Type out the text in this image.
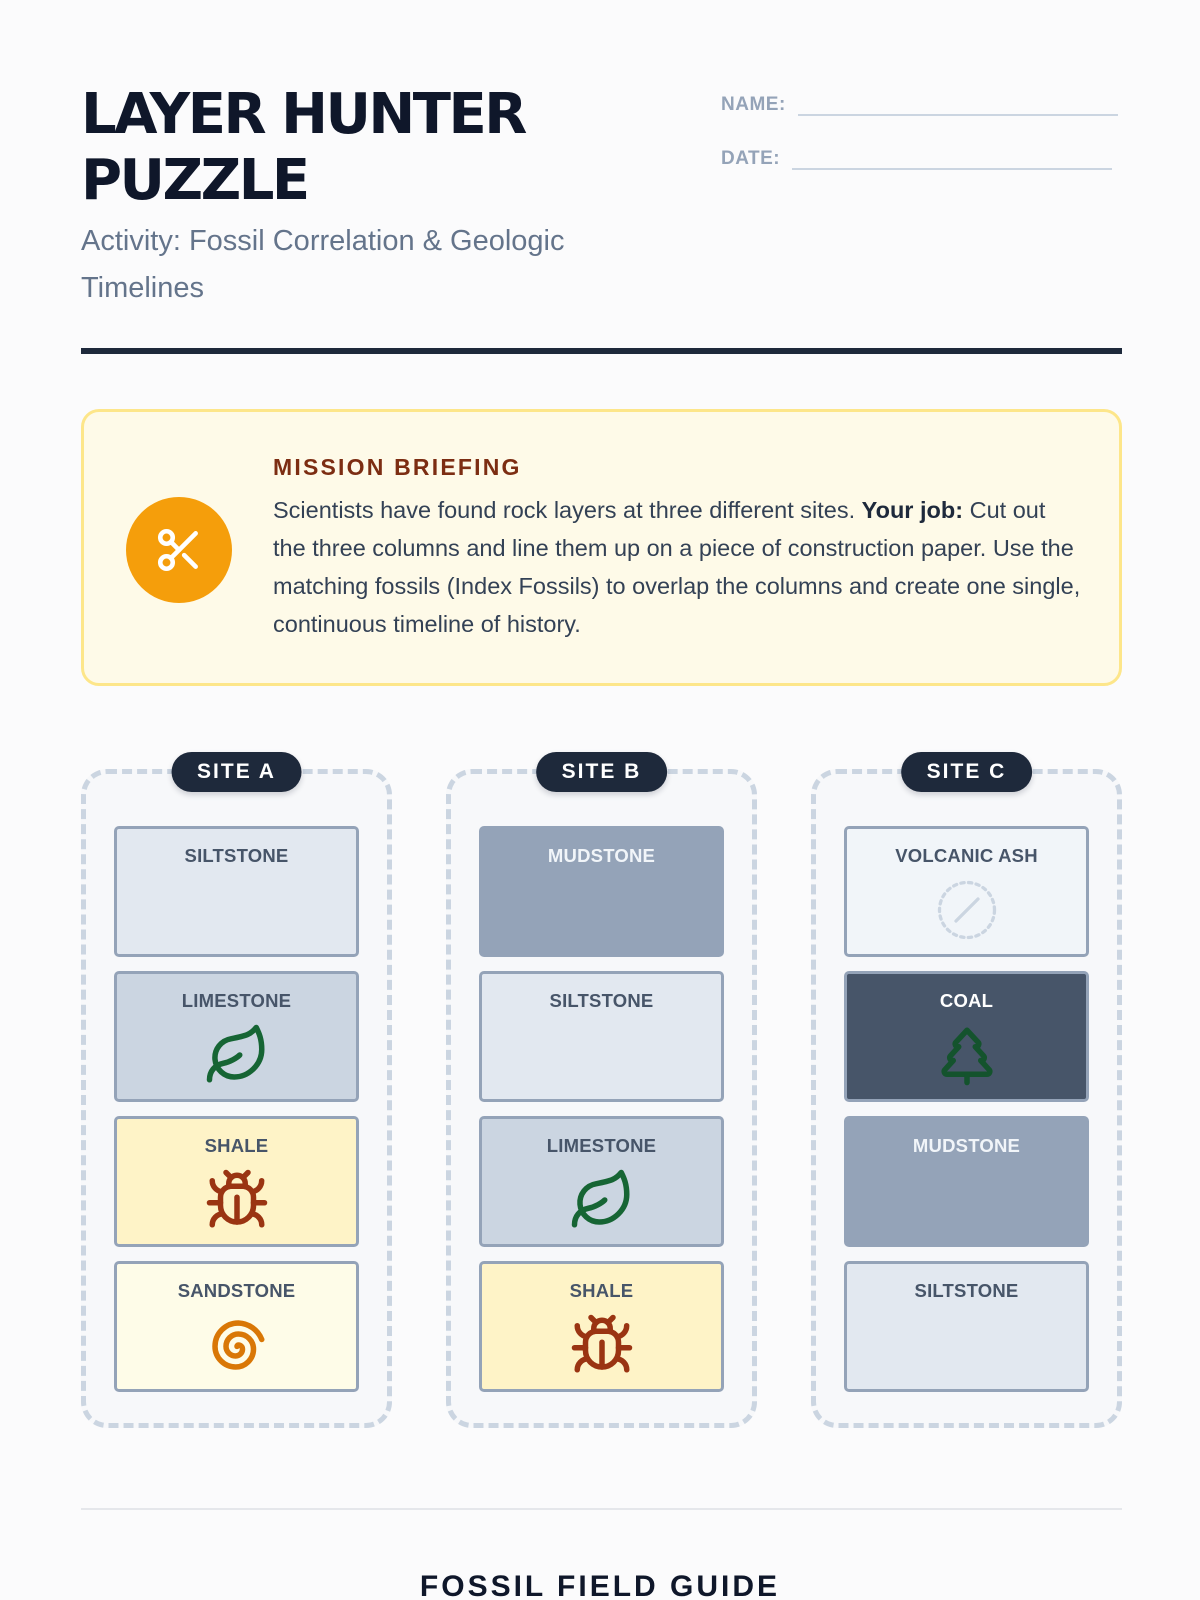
LAYER HUNTER PUZZLE
Activity: Fossil Correlation & Geologic Timelines
NAME:
DATE:
MISSION BRIEFING

Scientists have found rock layers at three different sites. Your job: Cut out the three columns and line them up on a piece of construction paper. Use the matching fossils (Index Fossils) to overlap the columns and create one single, continuous timeline of history.

SITE A
SILTSTONE
LIMESTONE
SHALE
SANDSTONE
SITE B
MUDSTONE
SILTSTONE
LIMESTONE
SHALE
SITE C
VOLCANIC ASH
COAL
MUDSTONE
SILTSTONE
FOSSIL FIELD GUIDE
